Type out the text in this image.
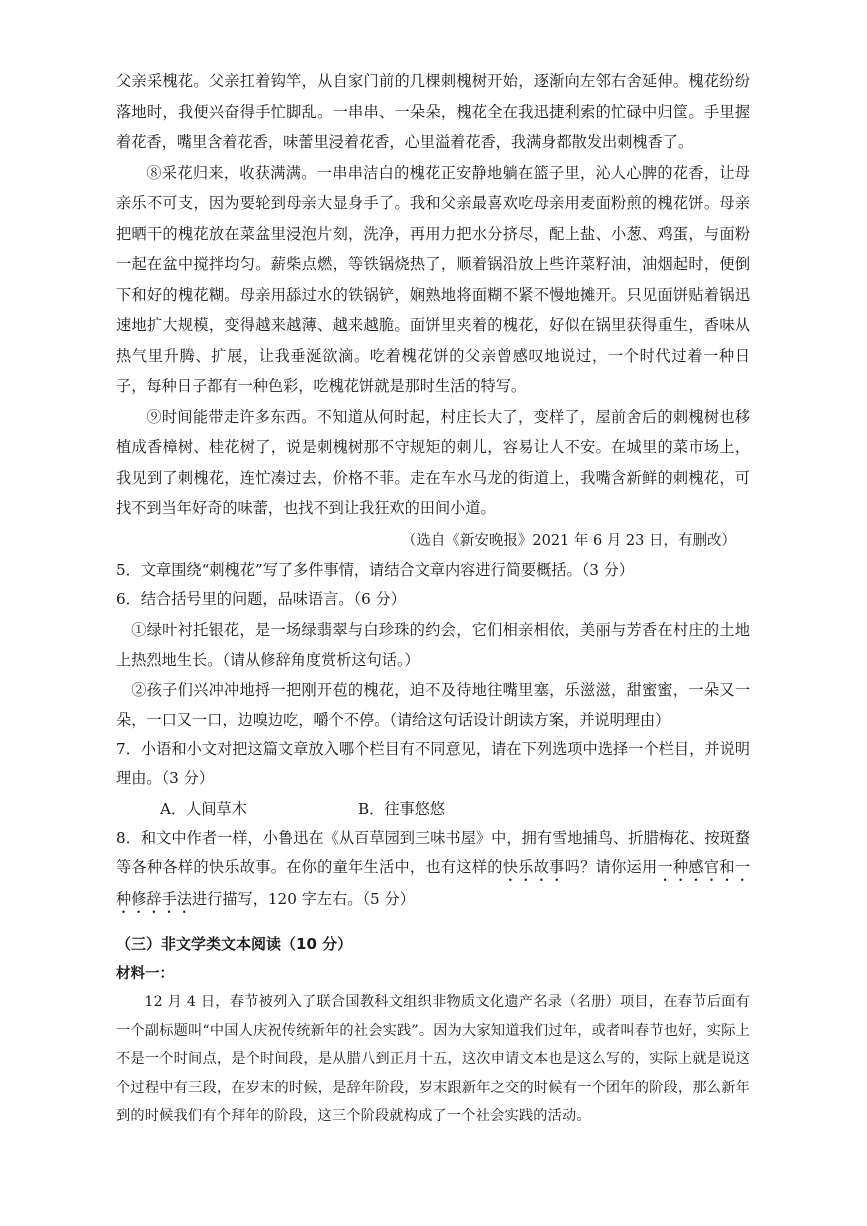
父亲采槐花。父亲扛着钩竿，从自家门前的几棵刺槐树开始，逐渐向左邻右舍延伸。槐花纷纷落地时，我便兴奋得手忙脚乱。一串串、一朵朵，槐花全在我迅捷利索的忙碌中归筐。手里握着花香，嘴里含着花香，味蕾里浸着花香，心里溢着花香，我满身都散发出刺槐香了。

⑧采花归来，收获满满。一串串洁白的槐花正安静地躺在篮子里，沁人心脾的花香，让母亲乐不可支，因为要轮到母亲大显身手了。我和父亲最喜欢吃母亲用麦面粉煎的槐花饼。母亲把晒干的槐花放在菜盆里浸泡片刻，洗净，再用力把水分挤尽，配上盐、小葱、鸡蛋，与面粉一起在盆中搅拌均匀。薪柴点燃，等铁锅烧热了，顺着锅沿放上些许菜籽油，油烟起时，便倒下和好的槐花糊。母亲用舔过水的铁锅铲，娴熟地将面糊不紧不慢地摊开。只见面饼贴着锅迅速地扩大规模，变得越来越薄、越来越脆。面饼里夹着的槐花，好似在锅里获得重生，香味从热气里升腾、扩展，让我垂涎欲滴。吃着槐花饼的父亲曾感叹地说过，一个时代过着一种日子，每种日子都有一种色彩，吃槐花饼就是那时生活的特写。

⑨时间能带走许多东西。不知道从何时起，村庄长大了，变样了，屋前舍后的刺槐树也移植成香樟树、桂花树了，说是刺槐树那不守规矩的刺儿，容易让人不安。在城里的菜市场上，我见到了刺槐花，连忙凑过去，价格不菲。走在车水马龙的街道上，我嘴含新鲜的刺槐花，可找不到当年好奇的味蕾，也找不到让我狂欢的田间小道。

（选自《新安晚报》2021 年 6 月 23 日，有删改）

5．文章围绕“刺槐花”写了多件事情，请结合文章内容进行简要概括。（3 分）

6．结合括号里的问题，品味语言。（6 分）

①绿叶衬托银花，是一场绿翡翠与白珍珠的约会，它们相亲相依，美丽与芳香在村庄的土地上热烈地生长。（请从修辞角度赏析这句话。）

②孩子们兴冲冲地捋一把刚开苞的槐花，迫不及待地往嘴里塞，乐滋滋，甜蜜蜜，一朵又一朵，一口又一口，边嗅边吃，嚼个不停。（请给这句话设计朗读方案，并说明理由）

7．小语和小文对把这篇文章放入哪个栏目有不同意见，请在下列选项中选择一个栏目，并说明理由。（3 分）

A．人间草木	B．往事悠悠

8．和文中作者一样，小鲁迅在《从百草园到三味书屋》中，拥有雪地捕鸟、折腊梅花、按斑蝥等各种各样的快乐故事。在你的童年生活中，也有这样的快乐故事吗？请你运用一种感官和一种修辞手法进行描写，120 字左右。（5 分）

（三）非文学类文本阅读（10 分）

材料一：

12 月 4 日，春节被列入了联合国教科文组织非物质文化遗产名录（名册）项目，在春节后面有一个副标题叫“中国人庆祝传统新年的社会实践”。因为大家知道我们过年，或者叫春节也好，实际上不是一个时间点，是个时间段，是从腊八到正月十五，这次申请文本也是这么写的，实际上就是说这个过程中有三段，在岁末的时候，是辞年阶段，岁末跟新年之交的时候有一个团年的阶段，那么新年到的时候我们有个拜年的阶段，这三个阶段就构成了一个社会实践的活动。
